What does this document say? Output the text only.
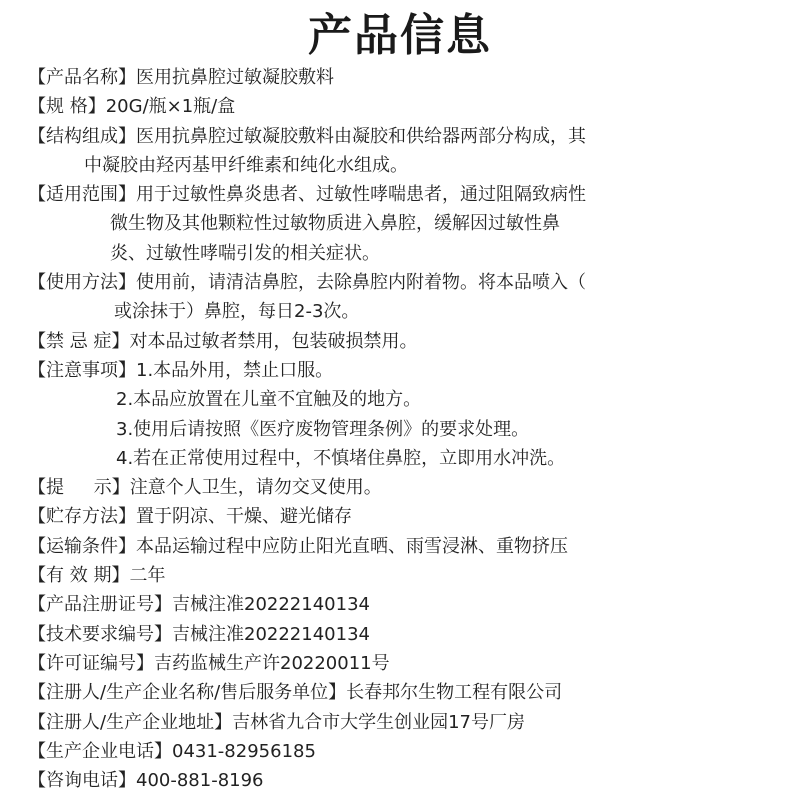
产品信息
【产品名称】医用抗鼻腔过敏凝胶敷料
【规 格】20G/瓶×1瓶/盒
【结构组成】医用抗鼻腔过敏凝胶敷料由凝胶和供给器两部分构成，其
中凝胶由羟丙基甲纤维素和纯化水组成。
【适用范围】用于过敏性鼻炎患者、过敏性哮喘患者，通过阻隔致病性
微生物及其他颗粒性过敏物质进入鼻腔，缓解因过敏性鼻
炎、过敏性哮喘引发的相关症状。
【使用方法】使用前，请清洁鼻腔，去除鼻腔内附着物。将本品喷入（
或涂抹于）鼻腔，每日2-3次。
【禁 忌 症】对本品过敏者禁用，包装破损禁用。
【注意事项】1.本品外用，禁止口服。
2.本品应放置在儿童不宜触及的地方。
3.使用后请按照《医疗废物管理条例》的要求处理。
4.若在正常使用过程中，不慎堵住鼻腔，立即用水冲洗。
【提 示】注意个人卫生，请勿交叉使用。
【贮存方法】置于阴凉、干燥、避光储存
【运输条件】本品运输过程中应防止阳光直晒、雨雪浸淋、重物挤压
【有 效 期】二年
【产品注册证号】吉械注准20222140134
【技术要求编号】吉械注准20222140134
【许可证编号】吉药监械生产许20220011号
【注册人/生产企业名称/售后服务单位】长春邦尔生物工程有限公司
【注册人/生产企业地址】吉林省九合市大学生创业园17号厂房
【生产企业电话】0431-82956185
【咨询电话】400-881-8196
